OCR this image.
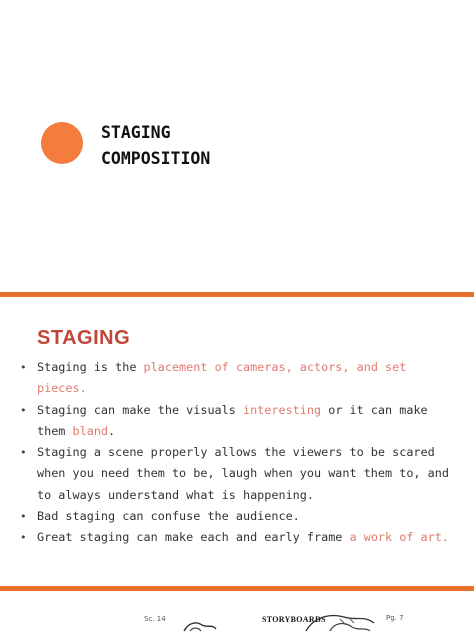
STAGING
COMPOSITION
STAGING
• Staging is the placement of cameras, actors, and set pieces.
• Staging can make the visuals interesting or it can make them bland.
• Staging a scene properly allows the viewers to be scared when you need them to be, laugh when you want them to, and to always understand what is happening.
• Bad staging can confuse the audience.
• Great staging can make each and early frame a work of art.
Sc. 14	Pg. 7
STORYBOARDS
